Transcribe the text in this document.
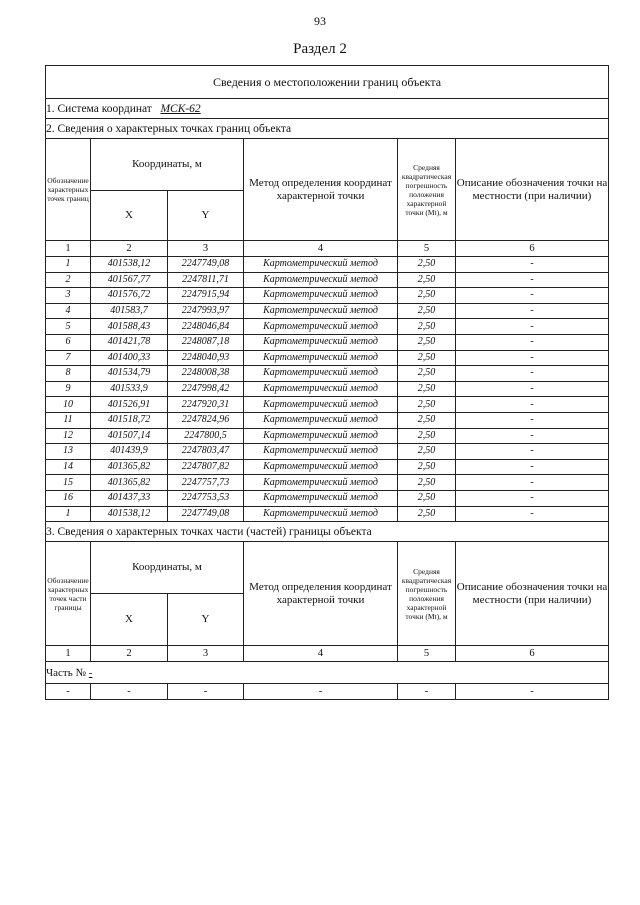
93
Раздел 2
Сведения о местоположении границ объекта					
1. Система координат МСК-62					
2. Сведения о характерных точках границ объекта					
Обозначение характерных точек границ	Координаты, м		Метод определения координат характерной точки	Средняя квадратическая погрешность положения характерной точки (Mt), м	Описание обозначения точки на местности (при наличии)
	X	Y			
1	2	3	4	5	6
1	401538,12	2247749,08	Картометрический метод	2,50	-
2	401567,77	2247811,71	Картометрический метод	2,50	-
3	401576,72	2247915,94	Картометрический метод	2,50	-
4	401583,7	2247993,97	Картометрический метод	2,50	-
5	401588,43	2248046,84	Картометрический метод	2,50	-
6	401421,78	2248087,18	Картометрический метод	2,50	-
7	401400,33	2248040,93	Картометрический метод	2,50	-
8	401534,79	2248008,38	Картометрический метод	2,50	-
9	401533,9	2247998,42	Картометрический метод	2,50	-
10	401526,91	2247920,31	Картометрический метод	2,50	-
11	401518,72	2247824,96	Картометрический метод	2,50	-
12	401507,14	2247800,5	Картометрический метод	2,50	-
13	401439,9	2247803,47	Картометрический метод	2,50	-
14	401365,82	2247807,82	Картометрический метод	2,50	-
15	401365,82	2247757,73	Картометрический метод	2,50	-
16	401437,33	2247753,53	Картометрический метод	2,50	-
1	401538,12	2247749,08	Картометрический метод	2,50	-
3. Сведения о характерных точках части (частей) границы объекта					
Обозначение характерных точек части границы	Координаты, м		Метод определения координат характерной точки	Средняя квадратическая погрешность положения характерной точки (Mt), м	Описание обозначения точки на местности (при наличии)
	X	Y			
1	2	3	4	5	6
Часть № -					
-	-	-	-	-	-
